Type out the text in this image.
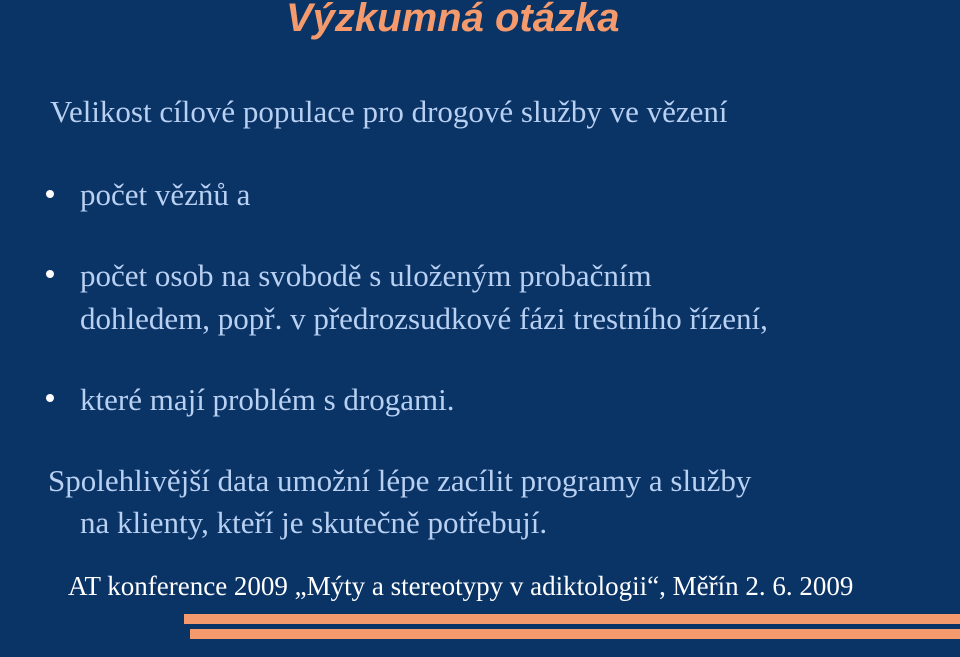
Výzkumná otázka
Velikost cílové populace pro drogové služby ve vězení
počet vězňů a
počet osob na svobodě s uloženým probačním
dohledem, popř. v předrozsudkové fázi trestního řízení,
které mají problém s drogami.
Spolehlivější data umožní lépe zacílit programy a služby
na klienty, kteří je skutečně potřebují.
AT konference 2009 „Mýty a stereotypy v adiktologii“, Měřín 2. 6. 2009
